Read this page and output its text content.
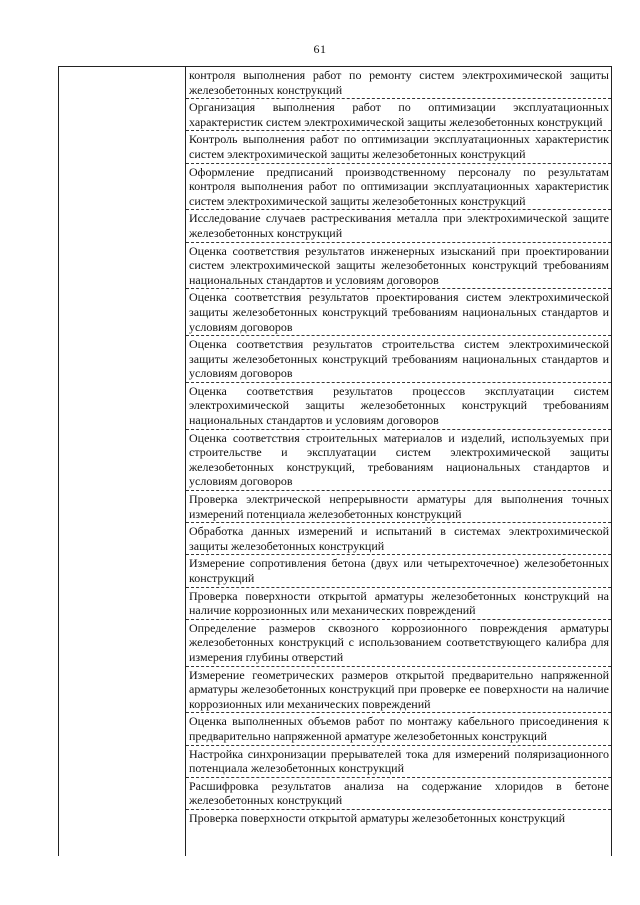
61
контроля выполнения работ по ремонту систем электрохимической защиты железобетонных конструкций
Организация выполнения работ по оптимизации эксплуатационных характеристик систем электрохимической защиты железобетонных конструкций
Контроль выполнения работ по оптимизации эксплуатационных характеристик систем электрохимической защиты железобетонных конструкций
Оформление предписаний производственному персоналу по результатам контроля выполнения работ по оптимизации эксплуатационных характеристик систем электрохимической защиты железобетонных конструкций
Исследование случаев растрескивания металла при электрохимической защите железобетонных конструкций
Оценка соответствия результатов инженерных изысканий при проектировании систем электрохимической защиты железобетонных конструкций требованиям национальных стандартов и условиям договоров
Оценка соответствия результатов проектирования систем электрохимической защиты железобетонных конструкций требованиям национальных стандартов и условиям договоров
Оценка соответствия результатов строительства систем электрохимической защиты железобетонных конструкций требованиям национальных стандартов и условиям договоров
Оценка соответствия результатов процессов эксплуатации систем электрохимической защиты железобетонных конструкций требованиям национальных стандартов и условиям договоров
Оценка соответствия строительных материалов и изделий, используемых при строительстве и эксплуатации систем электрохимической защиты железобетонных конструкций, требованиям национальных стандартов и условиям договоров
Проверка электрической непрерывности арматуры для выполнения точных измерений потенциала железобетонных конструкций
Обработка данных измерений и испытаний в системах электрохимической защиты железобетонных конструкций
Измерение сопротивления бетона (двух или четырехточечное) железобетонных конструкций
Проверка поверхности открытой арматуры железобетонных конструкций на наличие коррозионных или механических повреждений
Определение размеров сквозного коррозионного повреждения арматуры железобетонных конструкций с использованием соответствующего калибра для измерения глубины отверстий
Измерение геометрических размеров открытой предварительно напряженной арматуры железобетонных конструкций при проверке ее поверхности на наличие коррозионных или механических повреждений
Оценка выполненных объемов работ по монтажу кабельного присоединения к предварительно напряженной арматуре железобетонных конструкций
Настройка синхронизации прерывателей тока для измерений поляризационного потенциала железобетонных конструкций
Расшифровка результатов анализа на содержание хлоридов в бетоне железобетонных конструкций
Проверка поверхности открытой арматуры железобетонных конструкций
